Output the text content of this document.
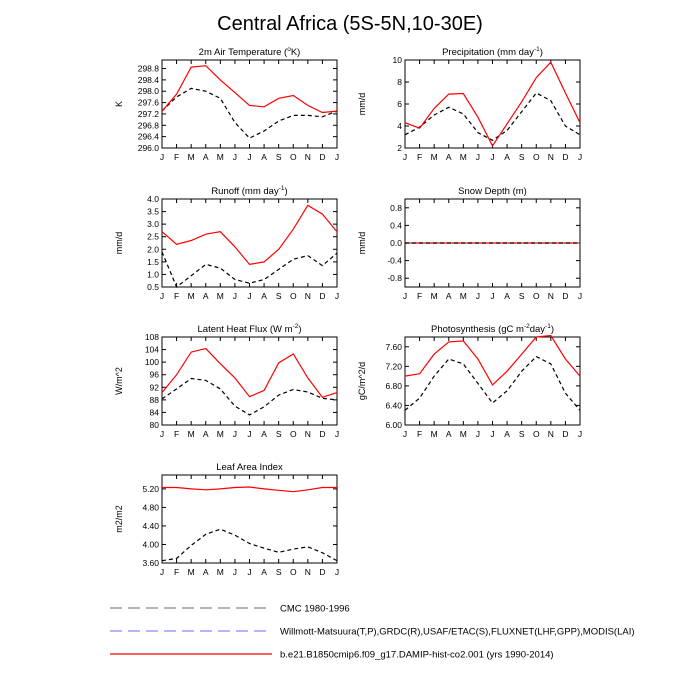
Central Africa (5S-5N,10-30E)
2m Air Temperature ($^o$K)
K
296.0
296.4
296.8
297.2
297.6
298.0
298.4
298.8
J F M A M J J A S O N D J
Precipitation (mm day$^{-1}$)
mm/d
2
4
6
8
10
J F M A M J J A S O N D J
Runoff (mm day$^{-1}$)
mm/d
0.5
1.0
1.5
2.0
2.5
3.0
3.5
4.0
J F M A M J J A S O N D J
Snow Depth (m)
mm/d
-0.8
-0.4
0.0
0.4
0.8
J F M A M J J A S O N D J
Latent Heat Flux (W $m^{-2}$)
W/m^2
80
84
88
92
96
100
104
108
J F M A M J J A S O N D J
Photosynthesis (gC $m^{-2}day^{-1}$)
gC/m^2/d
6.00
6.40
6.80
7.20
7.60
J F M A M J J A S O N D J
Leaf Area Index
m2/m2
3.60
4.00
4.40
4.80
5.20
J F M A M J J A S O N D J
CMC 1980-1996
Willmott-Matsuura(T,P),GRDC(R),USAF/ETAC(S),FLUXNET(LHF,GPP),MODIS(LAI)
b.e21.B1850cmip6.f09_g17.DAMIP-hist-co2.001 (yrs 1990-2014)
